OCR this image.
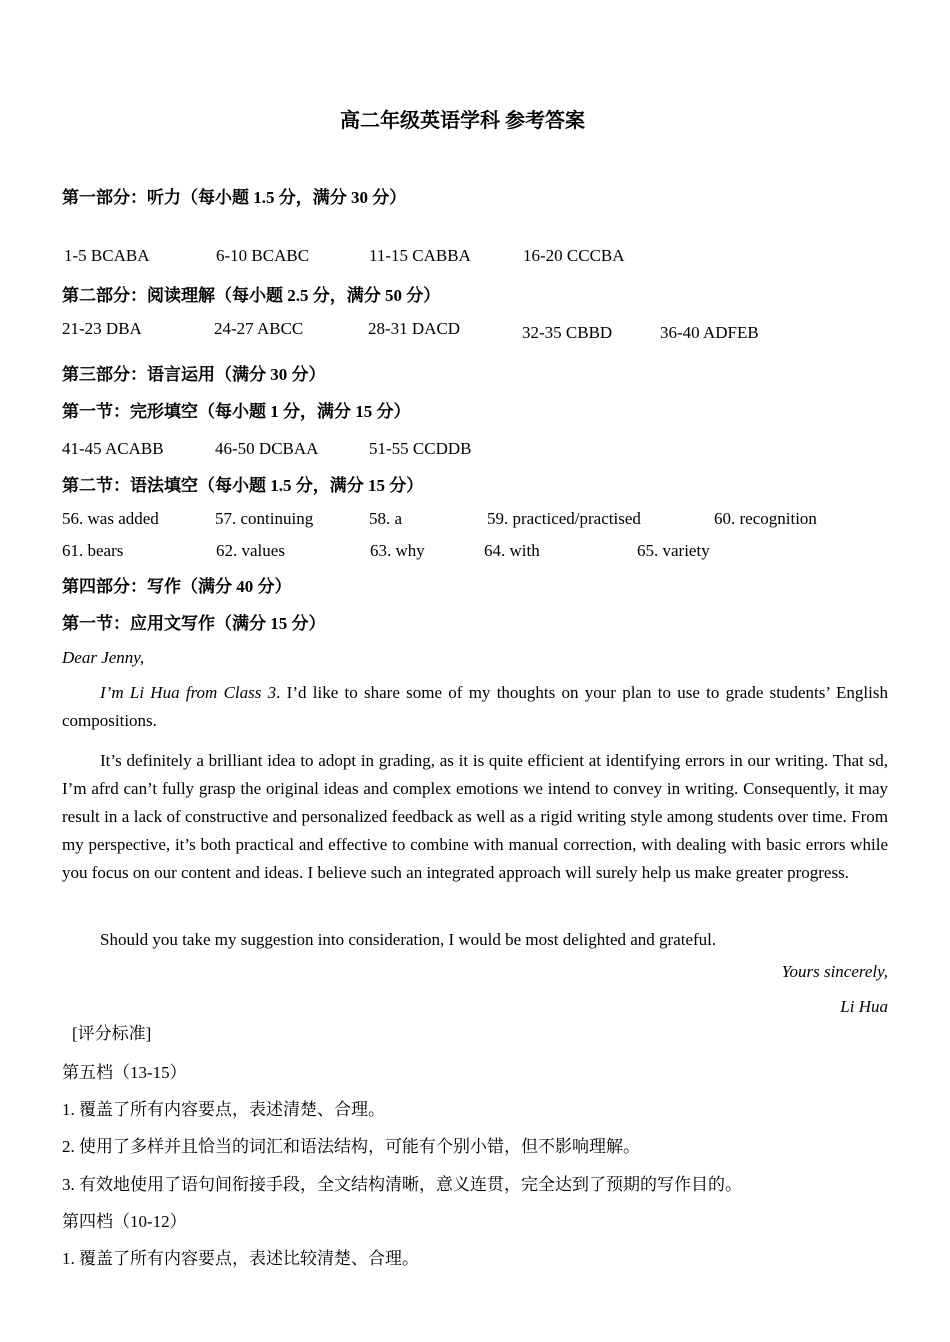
高二年级英语学科 参考答案
第一部分：听力（每小题 1.5 分，满分 30 分）
1-5 BCABA	6-10 BCABC	11-15 CABBA	16-20 CCCBA
第二部分：阅读理解（每小题 2.5 分，满分 50 分）
21-23 DBA	24-27 ABCC	28-31 DACD	32-35 CBBD	36-40 ADFEB
第三部分：语言运用（满分 30 分）
第一节：完形填空（每小题 1 分，满分 15 分）
41-45 ACABB	46-50 DCBAA	51-55 CCDDB
第二节：语法填空（每小题 1.5 分，满分 15 分）
56. was added	57. continuing	58. a	59. practiced/practised	60. recognition
61. bears	62. values	63. why	64. with	65. variety
第四部分：写作（满分 40 分）
第一节：应用文写作（满分 15 分）
Dear Jenny,
I’m Li Hua from Class 3. I’d like to share some of my thoughts on your plan to use to grade students’ English compositions.
It’s definitely a brilliant idea to adopt in grading, as it is quite efficient at identifying errors in our writing. That sd, I’m afrd can’t fully grasp the original ideas and complex emotions we intend to convey in writing. Consequently, it may result in a lack of constructive and personalized feedback as well as a rigid writing style among students over time. From my perspective, it’s both practical and effective to combine with manual correction, with dealing with basic errors while you focus on our content and ideas. I believe such an integrated approach will surely help us make greater progress.
Should you take my suggestion into consideration, I would be most delighted and grateful.
Yours sincerely,
Li Hua
[评分标准]
第五档（13-15）
1. 覆盖了所有内容要点，表述清楚、合理。
2. 使用了多样并且恰当的词汇和语法结构，可能有个别小错，但不影响理解。
3. 有效地使用了语句间衔接手段，全文结构清晰，意义连贯，完全达到了预期的写作目的。
第四档（10-12）
1. 覆盖了所有内容要点，表述比较清楚、合理。
